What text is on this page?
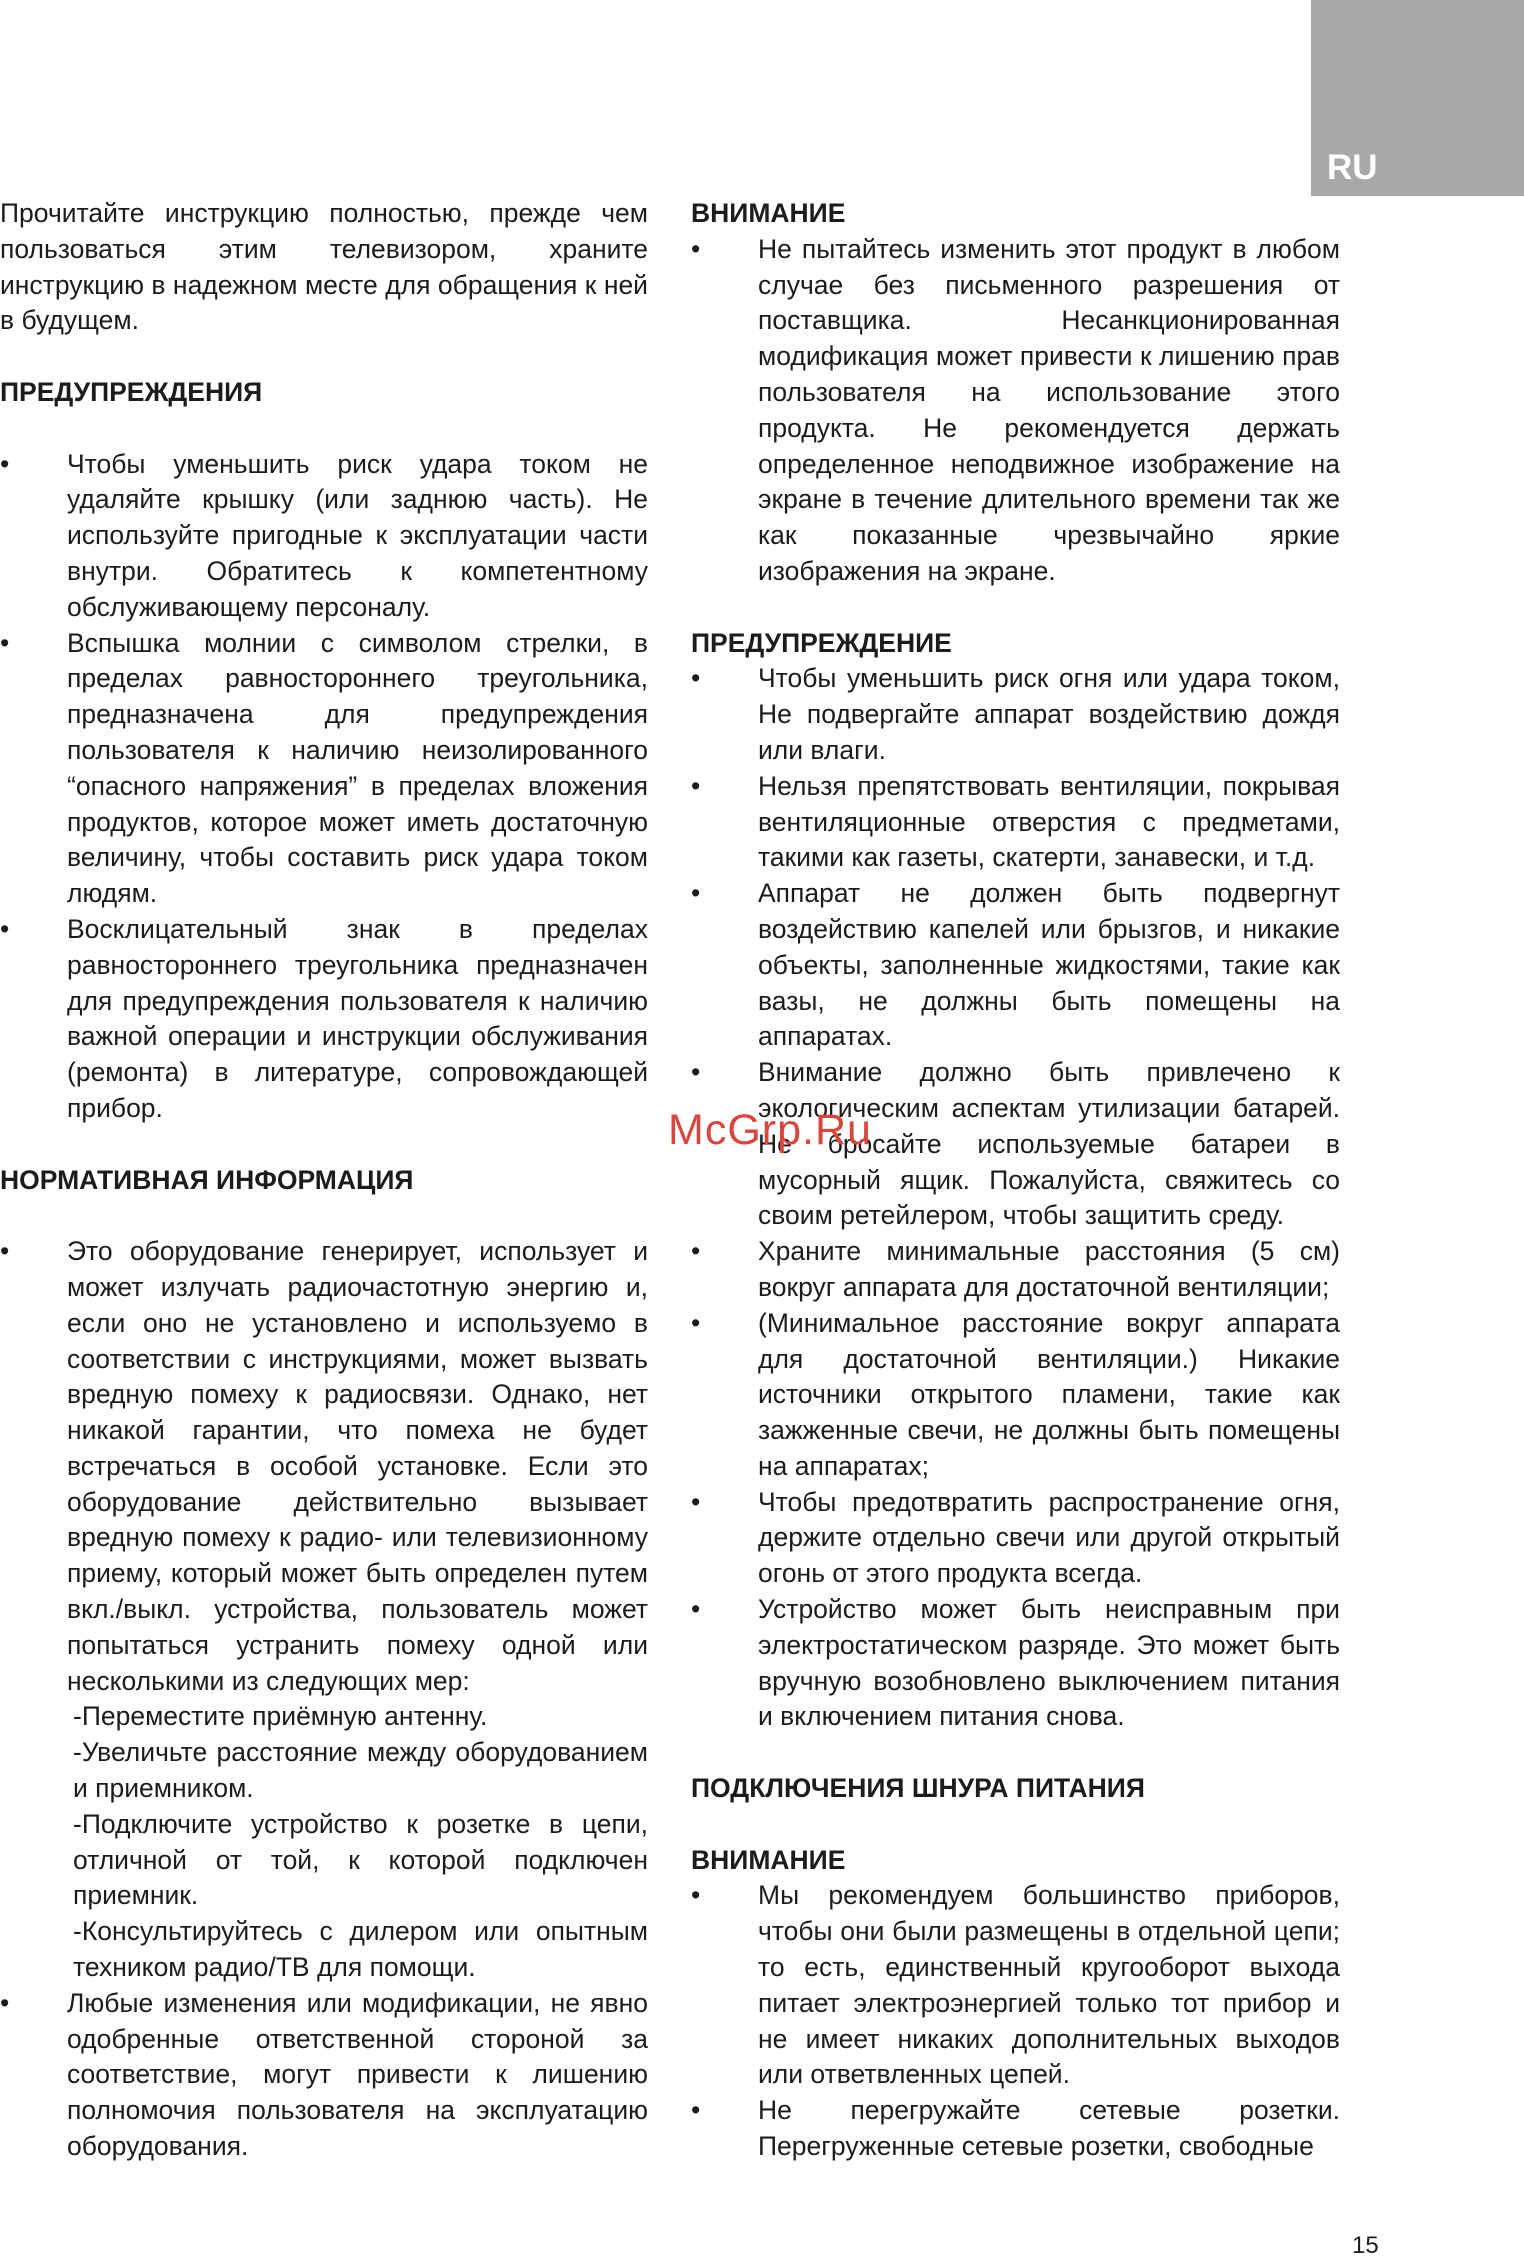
RU

Прочитайте инструкцию полностью, прежде чем пользоваться этим телевизором, храните инструкцию в надежном месте для обращения к ней в будущем.

ПРЕДУПРЕЖДЕНИЯ
• Чтобы уменьшить риск удара током не удаляйте крышку (или заднюю часть). Не используйте пригодные к эксплуатации части внутри. Обратитесь к компетентному обслуживающему персоналу.
• Вспышка молнии с символом стрелки, в пределах равностороннего треугольника, предназначена для предупреждения пользователя к наличию неизолированного “опасного напряжения” в пределах вложения продуктов, которое может иметь достаточную величину, чтобы составить риск удара током людям.
• Восклицательный знак в пределах равностороннего треугольника предназначен для предупреждения пользователя к наличию важной операции и инструкции обслуживания (ремонта) в литературе, сопровождающей прибор.
НОРМАТИВНАЯ ИНФОРМАЦИЯ
• Это оборудование генерирует, использует и может излучать радиочастотную энергию и, если оно не установлено и используемо в соответствии с инструкциями, может вызвать вредную помеху к радиосвязи. Однако, нет никакой гарантии, что помеха не будет встречаться в особой установке. Если это оборудование действительно вызывает вредную помеху к радио- или телевизионному приему, который может быть определен путем вкл./выкл. устройства, пользователь может попытаться устранить помеху одной или несколькими из следующих мер:

-Переместите приёмную антенну.

-Увеличьте расстояние между оборудованием и приемником.

-Подключите устройство к розетке в цепи, отличной от той, к которой подключен приемник.

-Консультируйтесь с дилером или опытным техником радио/ТВ для помощи.

• Любые изменения или модификации, не явно одобренные ответственной стороной за соответствие, могут привести к лишению полномочия пользователя на эксплуатацию оборудования.
ВНИМАНИЕ
• Не пытайтесь изменить этот продукт в любом случае без письменного разрешения от поставщика. Несанкционированная модификация может привести к лишению прав пользователя на использование этого продукта. Не рекомендуется держать определенное неподвижное изображение на экране в течение длительного времени так же как показанные чрезвычайно яркие изображения на экране.
ПРЕДУПРЕЖДЕНИЕ
• Чтобы уменьшить риск огня или удара током, Не подвергайте аппарат воздействию дождя или влаги.
• Нельзя препятствовать вентиляции, покрывая вентиляционные отверстия с предметами, такими как газеты, скатерти, занавески, и т.д.
• Аппарат не должен быть подвергнут воздействию капелей или брызгов, и никакие объекты, заполненные жидкостями, такие как вазы, не должны быть помещены на аппаратах.
• Внимание должно быть привлечено к экологическим аспектам утилизации батарей. Не бросайте используемые батареи в мусорный ящик. Пожалуйста, свяжитесь со своим ретейлером, чтобы защитить среду.
• Храните минимальные расстояния (5 см) вокруг аппарата для достаточной вентиляции;
• (Минимальное расстояние вокруг аппарата для достаточной вентиляции.) Никакие источники открытого пламени, такие как зажженные свечи, не должны быть помещены на аппаратах;
• Чтобы предотвратить распространение огня, держите отдельно свечи или другой открытый огонь от этого продукта всегда.
• Устройство может быть неисправным при электростатическом разряде. Это может быть вручную возобновлено выключением питания и включением питания снова.
ПОДКЛЮЧЕНИЯ ШНУРА ПИТАНИЯ
ВНИМАНИЕ
• Мы рекомендуем большинство приборов, чтобы они были размещены в отдельной цепи; то есть, единственный кругооборот выхода питает электроэнергией только тот прибор и не имеет никаких дополнительных выходов или ответвленных цепей.
• Не перегружайте сетевые розетки. Перегруженные сетевые розетки, свободные
McGrp.Ru
15
